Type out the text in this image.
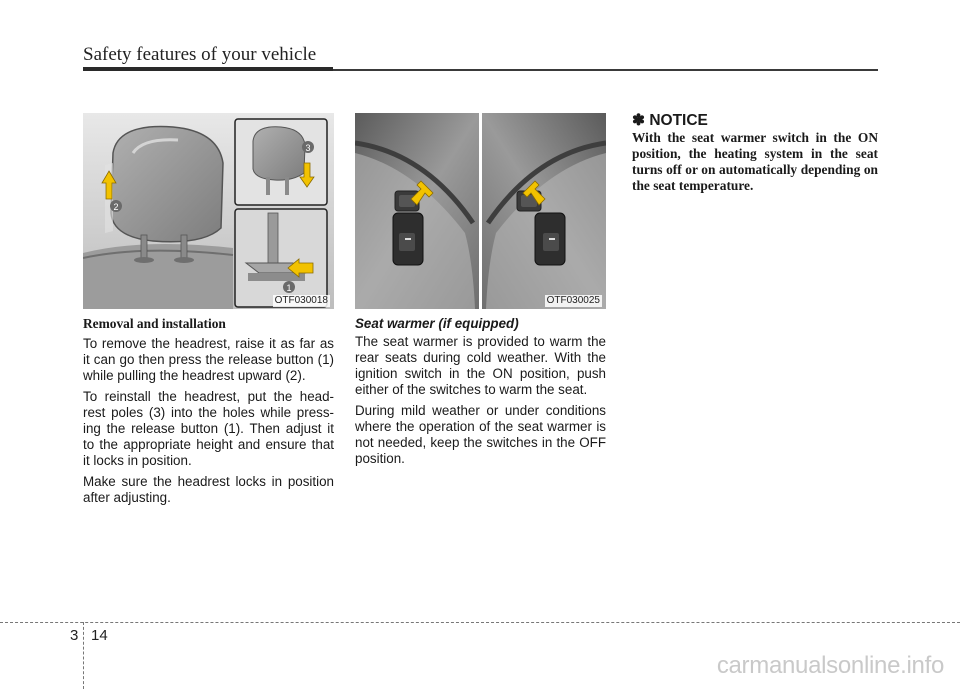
Safety features of your vehicle
2
3
1
OTF030018	OTF030025
Removal and installation

To remove the headrest, raise it as far as it can go then press the release button (1) while pulling the headrest upward (2).

To reinstall the headrest, put the head- rest poles (3) into the holes while press- ing the release button (1). Then adjust it to the appropriate height and ensure that it locks in position.

Make sure the headrest locks in position after adjusting.

Seat warmer (if equipped)

The seat warmer is provided to warm the rear seats during cold weather. With the ignition switch in the ON position, push either of the switches to warm the seat.

During mild weather or under conditions where the operation of the seat warmer is not needed, keep the switches in the OFF position.

✽ NOTICE
With the seat warmer switch in the ON position, the heating system in the seat turns off or on automatically depending on the seat temperature.
3 14
carmanualsonline.info
